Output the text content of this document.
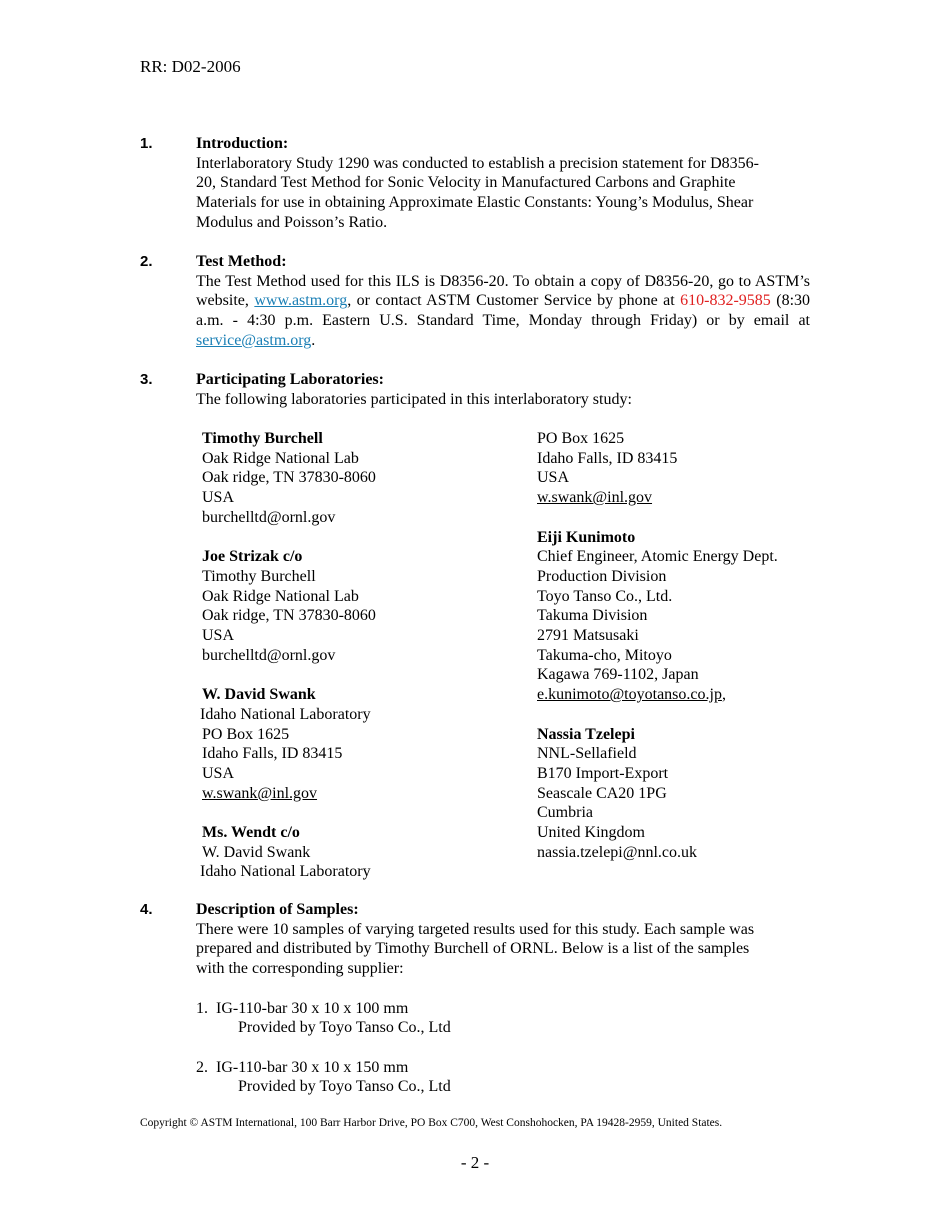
RR: D02-2006
1.	Introduction:
Interlaboratory Study 1290 was conducted to establish a precision statement for D8356-
20, Standard Test Method for Sonic Velocity in Manufactured Carbons and Graphite
Materials for use in obtaining Approximate Elastic Constants: Young’s Modulus, Shear
Modulus and Poisson’s Ratio.
2.	Test Method:
The Test Method used for this ILS is D8356-20. To obtain a copy of D8356-20, go to ASTM’s website, www.astm.org, or contact ASTM Customer Service by phone at 610-832-9585 (8:30 a.m. - 4:30 p.m. Eastern U.S. Standard Time, Monday through Friday) or by email at service@astm.org.
3.	Participating Laboratories:
The following laboratories participated in this interlaboratory study:
Timothy Burchell
Oak Ridge National Lab
Oak ridge, TN 37830-8060
USA
burchelltd@ornl.gov

Joe Strizak c/o
Timothy Burchell
Oak Ridge National Lab
Oak ridge, TN 37830-8060
USA
burchelltd@ornl.gov

W. David Swank
Idaho National Laboratory
PO Box 1625
Idaho Falls, ID 83415
USA
w.swank@inl.gov

Ms. Wendt c/o
W. David Swank
Idaho National Laboratory
PO Box 1625
Idaho Falls, ID 83415
USA
w.swank@inl.gov

Eiji Kunimoto
Chief Engineer, Atomic Energy Dept.
Production Division
Toyo Tanso Co., Ltd.
Takuma Division
2791 Matsusaki
Takuma-cho, Mitoyo
Kagawa 769-1102, Japan
e.kunimoto@toyotanso.co.jp,

Nassia Tzelepi
NNL-Sellafield
B170 Import-Export
Seascale CA20 1PG
Cumbria
United Kingdom
nassia.tzelepi@nnl.co.uk
4.	Description of Samples:
There were 10 samples of varying targeted results used for this study. Each sample was
prepared and distributed by Timothy Burchell of ORNL. Below is a list of the samples
with the corresponding supplier:

1.  IG-110-bar 30 x 10 x 100 mm
Provided by Toyo Tanso Co., Ltd

2.  IG-110-bar 30 x 10 x 150 mm
Provided by Toyo Tanso Co., Ltd
Copyright © ASTM International, 100 Barr Harbor Drive, PO Box C700, West Conshohocken, PA 19428-2959, United States.
- 2 -
